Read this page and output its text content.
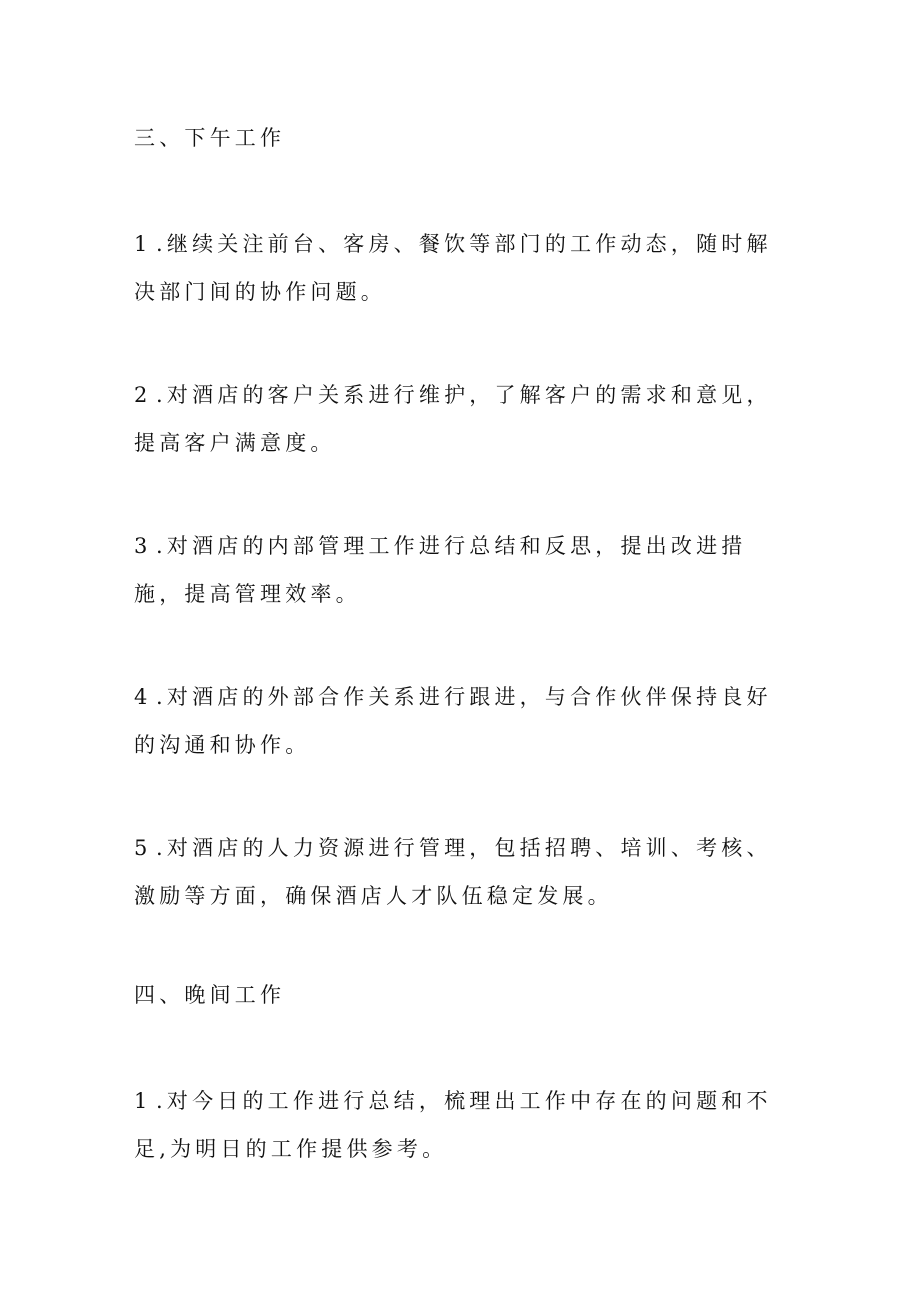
三、下午工作
1 .继续关注前台、客房、餐饮等部门的工作动态，随时解决部门间的协作问题。
2 .对酒店的客户关系进行维护，了解客户的需求和意见，提高客户满意度。
3 .对酒店的内部管理工作进行总结和反思，提出改进措施，提高管理效率。
4 .对酒店的外部合作关系进行跟进，与合作伙伴保持良好的沟通和协作。
5 .对酒店的人力资源进行管理，包括招聘、培训、考核、激励等方面，确保酒店人才队伍稳定发展。
四、晚间工作
1 .对今日的工作进行总结，梳理出工作中存在的问题和不足,为明日的工作提供参考。
